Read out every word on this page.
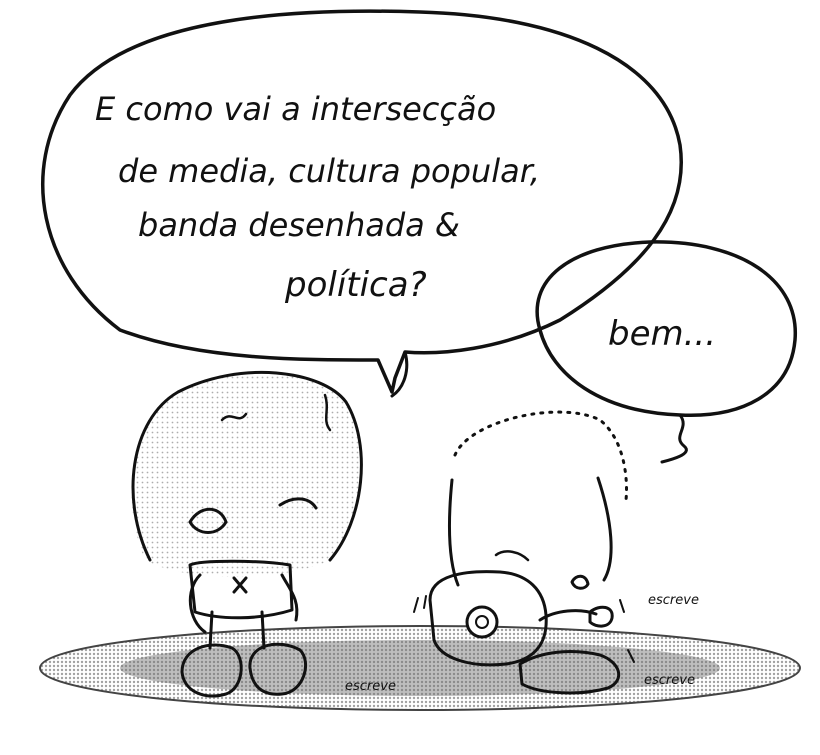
E como vai a intersecção
de media, cultura popular,
banda desenhada &
política?
bem...
escreve
escreve
escreve
